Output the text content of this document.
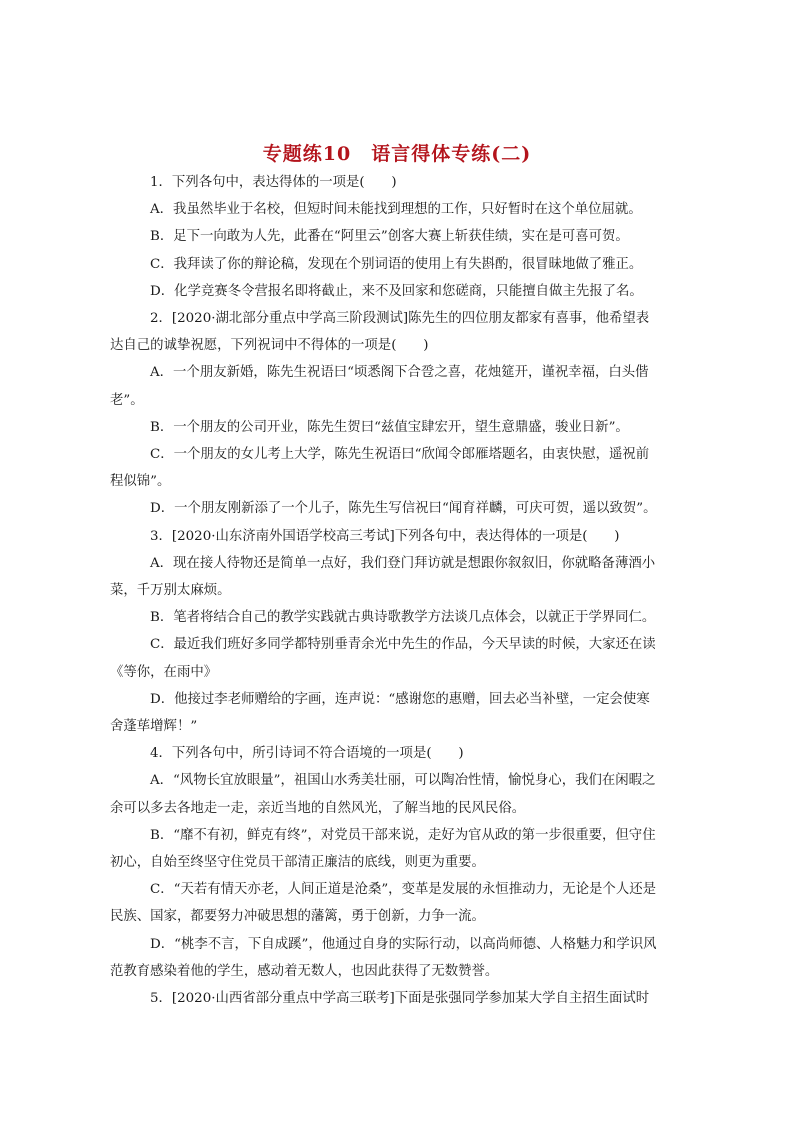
专题练10　语言得体专练(二)

1．下列各句中，表达得体的一项是(　　)

A．我虽然毕业于名校，但短时间未能找到理想的工作，只好暂时在这个单位屈就。

B．足下一向敢为人先，此番在“阿里云”创客大赛上斩获佳绩，实在是可喜可贺。

C．我拜读了你的辩论稿，发现在个别词语的使用上有失斟酌，很冒昧地做了雅正。

D．化学竞赛冬令营报名即将截止，来不及回家和您磋商，只能擅自做主先报了名。

2．[2020·湖北部分重点中学高三阶段测试]陈先生的四位朋友都家有喜事，他希望表

达自己的诚挚祝愿，下列祝词中不得体的一项是(　　)

A．一个朋友新婚，陈先生祝语曰“顷悉阁下合卺之喜，花烛筵开，谨祝幸福，白头偕

老”。

B．一个朋友的公司开业，陈先生贺曰“兹值宝肆宏开，望生意鼎盛，骏业日新”。

C．一个朋友的女儿考上大学，陈先生祝语曰“欣闻令郎雁塔题名，由衷快慰，遥祝前

程似锦”。

D．一个朋友刚新添了一个儿子，陈先生写信祝曰“闻育祥麟，可庆可贺，遥以致贺”。

3．[2020·山东济南外国语学校高三考试]下列各句中，表达得体的一项是(　　)

A．现在接人待物还是简单一点好，我们登门拜访就是想跟你叙叙旧，你就略备薄酒小

菜，千万别太麻烦。

B．笔者将结合自己的教学实践就古典诗歌教学方法谈几点体会，以就正于学界同仁。

C．最近我们班好多同学都特别垂青余光中先生的作品，今天早读的时候，大家还在读

《等你，在雨中》

D．他接过李老师赠给的字画，连声说：“感谢您的惠赠，回去必当补壁，一定会使寒

舍蓬荜增辉！”

4．下列各句中，所引诗词不符合语境的一项是(　　)

A．“风物长宜放眼量”，祖国山水秀美壮丽，可以陶冶性情，愉悦身心，我们在闲暇之

余可以多去各地走一走，亲近当地的自然风光，了解当地的民风民俗。

B．“靡不有初，鲜克有终”，对党员干部来说，走好为官从政的第一步很重要，但守住

初心，自始至终坚守住党员干部清正廉洁的底线，则更为重要。

C．“天若有情天亦老，人间正道是沧桑”，变革是发展的永恒推动力，无论是个人还是

民族、国家，都要努力冲破思想的藩篱，勇于创新，力争一流。

D．“桃李不言，下自成蹊”，他通过自身的实际行动，以高尚师德、人格魅力和学识风

范教育感染着他的学生，感动着无数人，也因此获得了无数赞誉。

5．[2020·山西省部分重点中学高三联考]下面是张强同学参加某大学自主招生面试时
